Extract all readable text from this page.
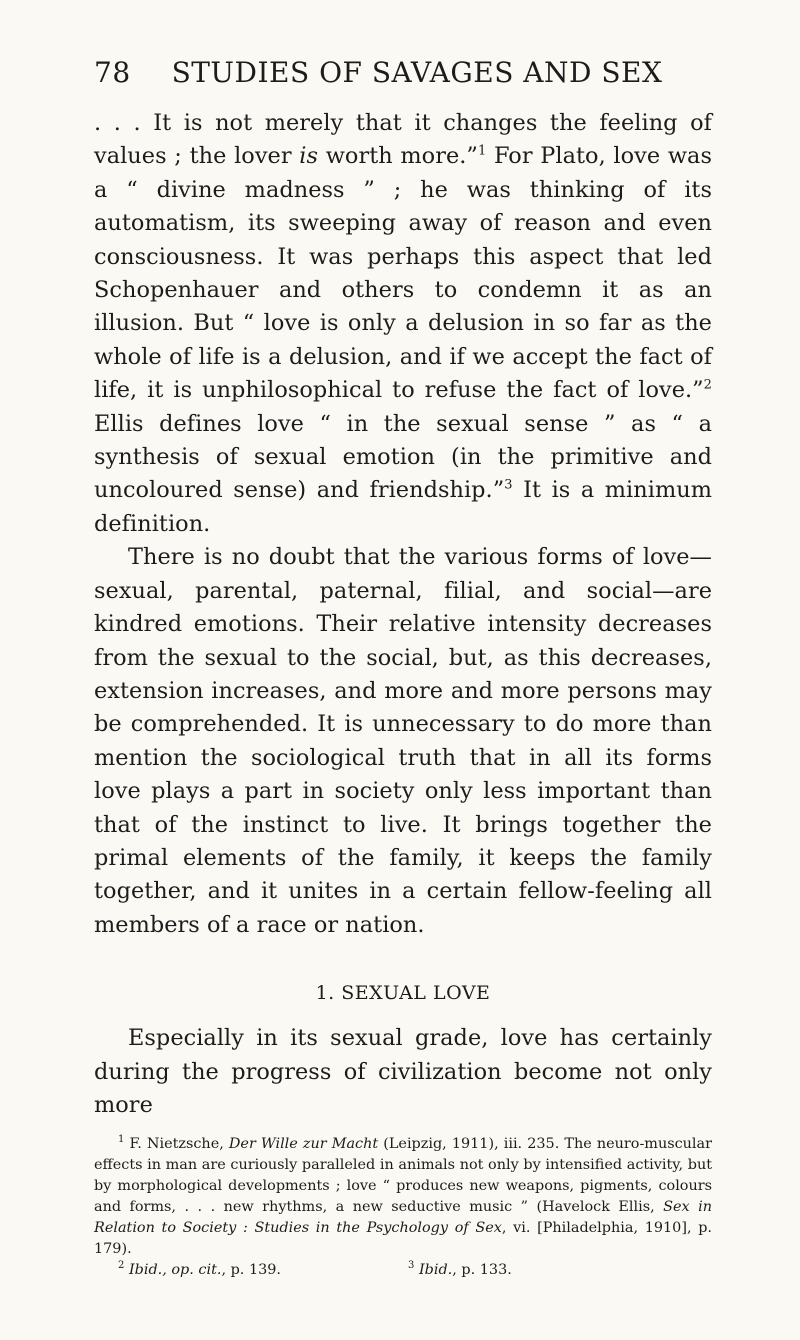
78	STUDIES OF SAVAGES AND SEX

. . . It is not merely that it changes the feeling of values ; the lover is worth more.”$^1$ For Plato, love was a “ divine madness ” ; he was thinking of its automatism, its sweeping away of reason and even consciousness. It was perhaps this aspect that led Schopenhauer and others to condemn it as an illusion. But “ love is only a delusion in so far as the whole of life is a delusion, and if we accept the fact of life, it is unphilosophical to refuse the fact of love.”$^2$ Ellis defines love “ in the sexual sense ” as “ a synthesis of sexual emotion (in the primitive and uncoloured sense) and friendship.”$^3$ It is a minimum definition.

There is no doubt that the various forms of love—sexual, parental, paternal, filial, and social—are kindred emotions. Their relative intensity decreases from the sexual to the social, but, as this decreases, extension increases, and more and more persons may be comprehended. It is unnecessary to do more than mention the sociological truth that in all its forms love plays a part in society only less important than that of the instinct to live. It brings together the primal elements of the family, it keeps the family together, and it unites in a certain fellow-feeling all members of a race or nation.

1. SEXUAL LOVE

Especially in its sexual grade, love has certainly during the progress of civilization become not only more

$^1$ F. Nietzsche, Der Wille zur Macht (Leipzig, 1911), iii. 235. The neuro-muscular effects in man are curiously paralleled in animals not only by intensified activity, but by morphological developments ; love “ produces new weapons, pigments, colours and forms, . . . new rhythms, a new seductive music ” (Havelock Ellis, Sex in Relation to Society : Studies in the Psychology of Sex, vi. [Philadelphia, 1910], p. 179).

$^2$ Ibid., op. cit., p. 139.	$^3$ Ibid., p. 133.
